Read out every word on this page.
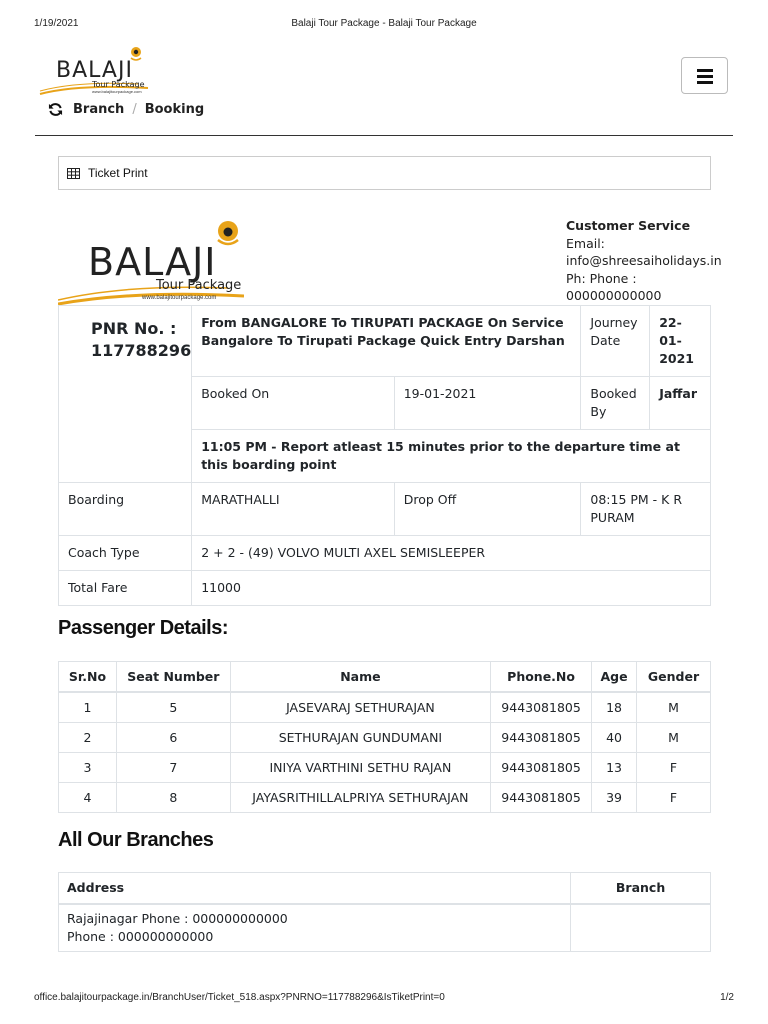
1/19/2021	Balaji Tour Package - Balaji Tour Package
BALAJI
Tour Package
www.balajitourpackage.com
Branch / Booking
Ticket Print
BALAJI
Tour Package
www.balajitourpackage.com
Customer Service
Email:
info@shreesaiholidays.in
Ph: Phone :
000000000000
PNR No. :
117788296	From BANGALORE To TIRUPATI PACKAGE On Service Bangalore To Tirupati Package Quick Entry Darshan		Journey Date	22-01-2021
	Booked On	19-01-2021	Booked By	Jaffar
	11:05 PM - Report atleast 15 minutes prior to the departure time at this boarding point			
Boarding	MARATHALLI	Drop Off	08:15 PM - K R PURAM	
Coach Type	2 + 2 - (49) VOLVO MULTI AXEL SEMISLEEPER			
Total Fare	11000			
Passenger Details:
Sr.No	Seat Number	Name	Phone.No	Age	Gender
1	5	JASEVARAJ SETHURAJAN	9443081805	18	M
2	6	SETHURAJAN GUNDUMANI	9443081805	40	M
3	7	INIYA VARTHINI SETHU RAJAN	9443081805	13	F
4	8	JAYASRITHILLALPRIYA SETHURAJAN	9443081805	39	F
All Our Branches
Address	Branch

Rajajinagar Phone : 000000000000
Phone : 000000000000	

office.balajitourpackage.in/BranchUser/Ticket_518.aspx?PNRNO=117788296&IsTiketPrint=0	1/2
